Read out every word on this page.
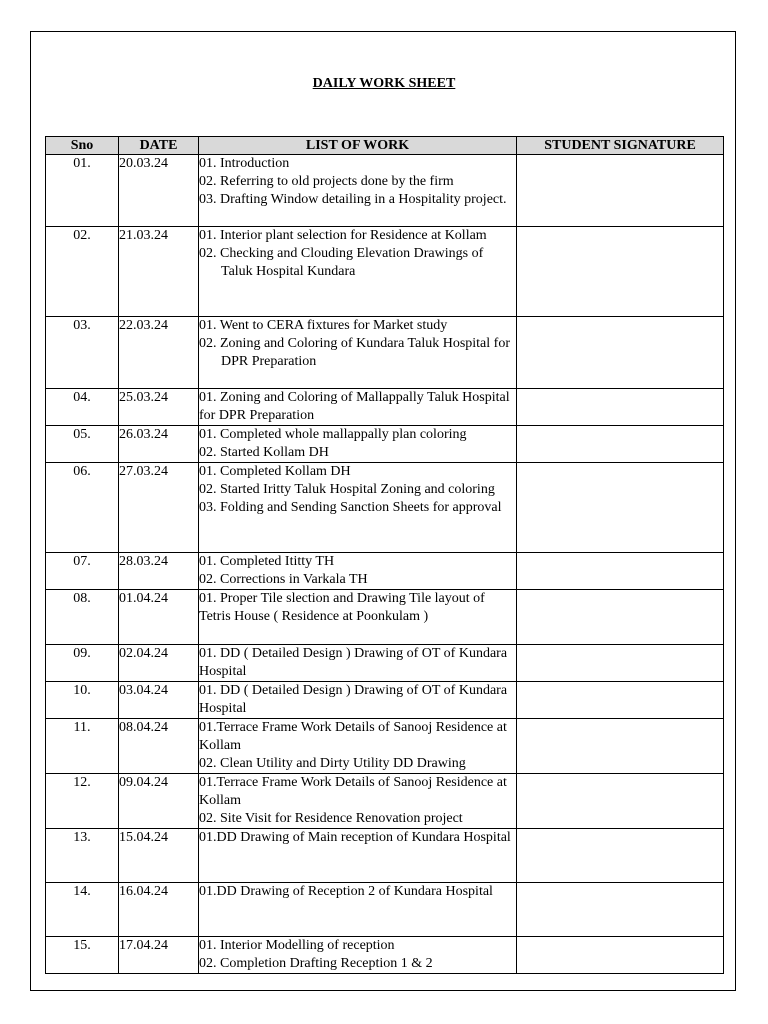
DAILY WORK SHEET
Sno	DATE	LIST OF WORK	STUDENT SIGNATURE
01.	20.03.24	01. Introduction
02. Referring to old projects done by the firm
03. Drafting Window detailing in a Hospitality project.	

02.	21.03.24	01. Interior plant selection for Residence at Kollam
02. Checking and Clouding Elevation Drawings of Taluk Hospital Kundara	

03.	22.03.24	01. Went to CERA fixtures for Market study
02. Zoning and Coloring of Kundara Taluk Hospital for DPR Preparation	

04.	25.03.24	01. Zoning and Coloring of Mallappally Taluk Hospital for DPR Preparation	

05.	26.03.24	01. Completed whole mallappally plan coloring
02. Started Kollam DH	

06.	27.03.24	01. Completed Kollam DH
02. Started Iritty Taluk Hospital Zoning and coloring
03. Folding and Sending Sanction Sheets for approval	

07.	28.03.24	01. Completed Ititty TH
02. Corrections in Varkala TH	

08.	01.04.24	01. Proper Tile slection and Drawing Tile layout of Tetris House ( Residence at Poonkulam )	

09.	02.04.24	01. DD ( Detailed Design ) Drawing of OT of Kundara Hospital	

10.	03.04.24	01. DD ( Detailed Design ) Drawing of OT of Kundara Hospital	

11.	08.04.24	01.Terrace Frame Work Details of Sanooj Residence at Kollam
02. Clean Utility and Dirty Utility DD Drawing	

12.	09.04.24	01.Terrace Frame Work Details of Sanooj Residence at Kollam
02. Site Visit for Residence Renovation project	

13.	15.04.24	01.DD Drawing of Main reception of Kundara Hospital	

14.	16.04.24	01.DD Drawing of Reception 2 of Kundara Hospital	

15.	17.04.24	01. Interior Modelling of reception
02. Completion Drafting Reception 1 & 2	
